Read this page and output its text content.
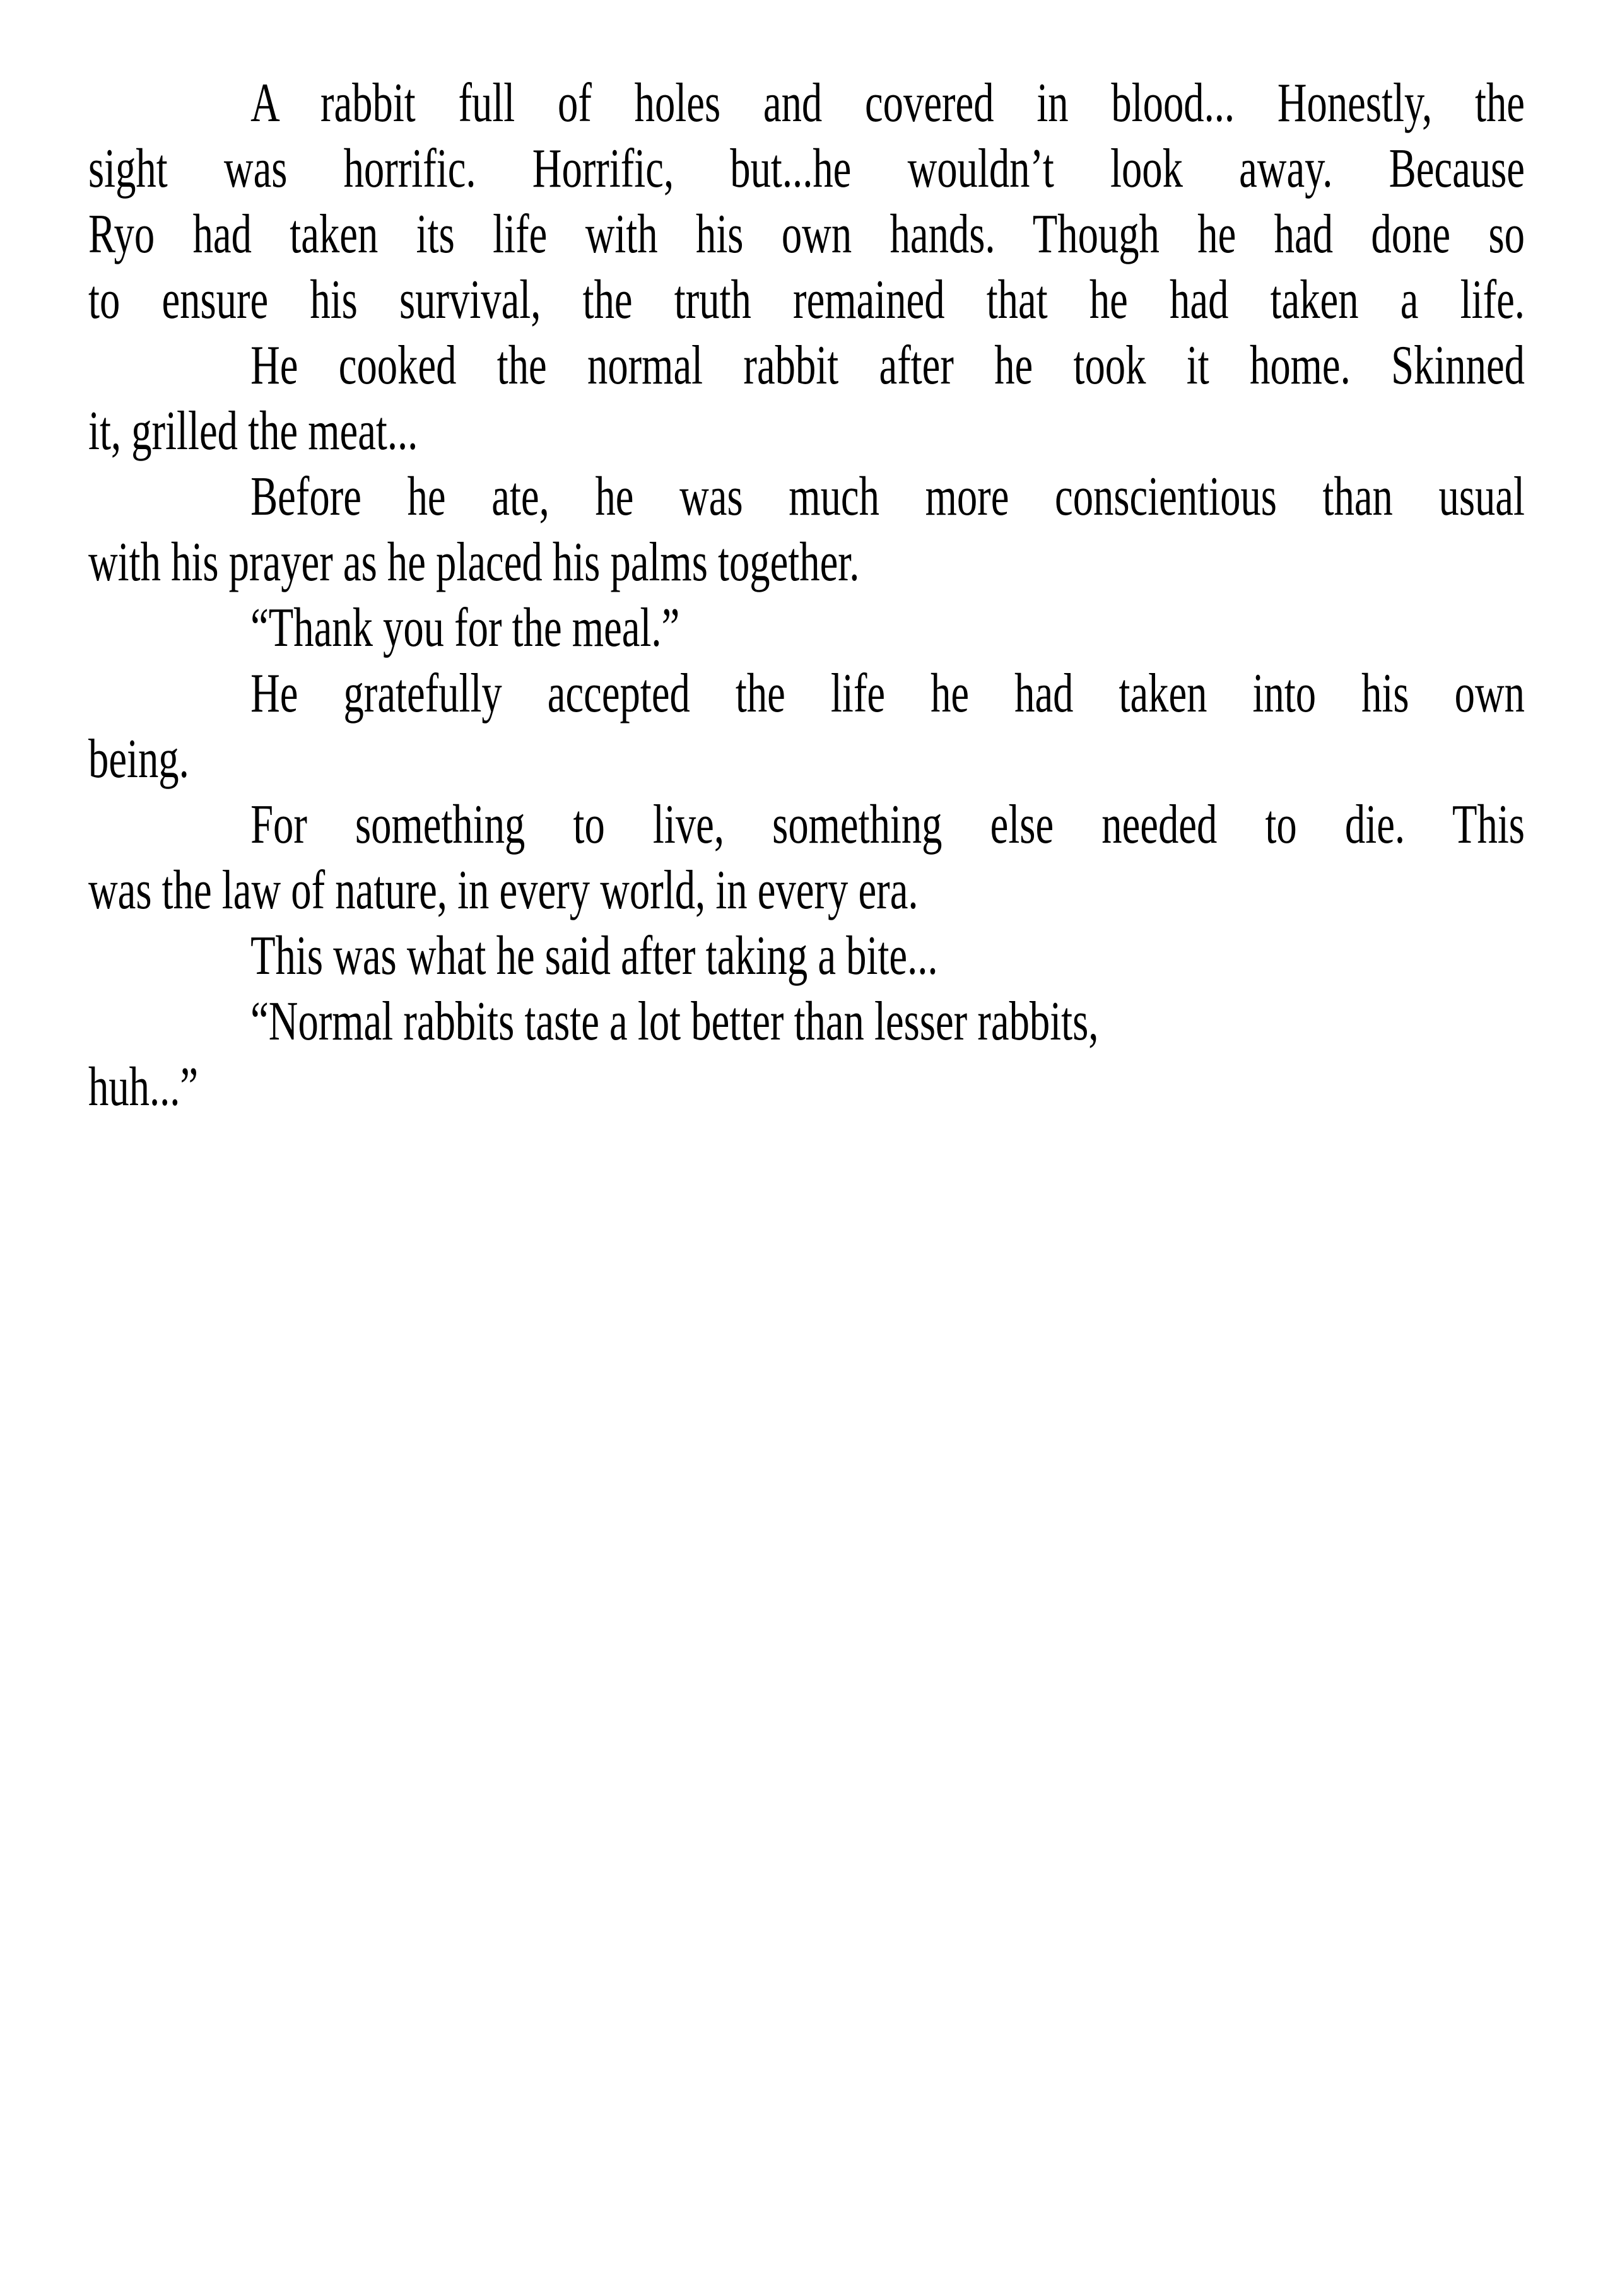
A rabbit full of holes and covered in blood... Honestly, the
sight was horrific. Horrific, but...he wouldn’t look away. Because
Ryo had taken its life with his own hands. Though he had done so
to ensure his survival, the truth remained that he had taken a life.
He cooked the normal rabbit after he took it home. Skinned
it, grilled the meat...
Before he ate, he was much more conscientious than usual
with his prayer as he placed his palms together.
“Thank you for the meal.”
He gratefully accepted the life he had taken into his own
being.
For something to live, something else needed to die. This
was the law of nature, in every world, in every era.
This was what he said after taking a bite...
“Normal rabbits taste a lot better than lesser rabbits,
huh...”
